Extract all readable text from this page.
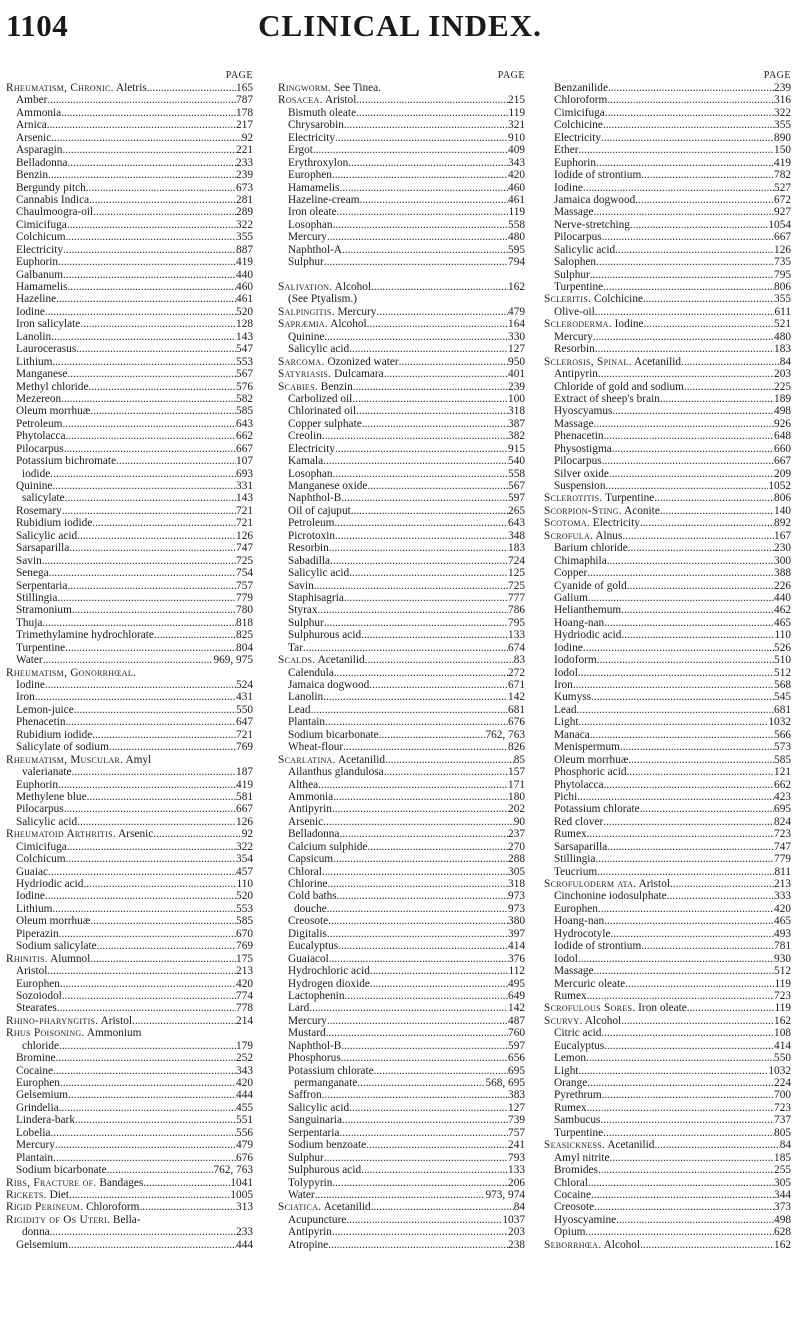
1104	CLINICAL INDEX.
PAGE
Rheumatism, Chronic. Aletris .....	165
Amber .....	787
Ammonia .....	178
Arnica .....	217
Arsenic .....	92
Asparagin .....	221
Belladonna .....	233
Benzin .....	239
Bergundy pitch .....	673
Cannabis Indica .....	281
Chaulmoogra-oil .....	289
Cimicifuga .....	322
Colchicum .....	355
Electricity .....	887
Euphorin .....	419
Galbanum .....	440
Hamamelis .....	460
Hazeline .....	461
Iodine .....	520
Iron salicylate .....	128
Lanolin .....	143
Laurocerasus .....	547
Lithium .....	553
Manganese .....	567
Methyl chloride .....	576
Mezereon .....	582
Oleum morrhuæ .....	585
Petroleum .....	643
Phytolacca .....	662
Pilocarpus .....	667
Potassium bichromate .....	107
iodide .....	693
Quinine .....	331
salicylate .....	143
Rosemary .....	721
Rubidium iodide .....	721
Salicylic acid .....	126
Sarsaparilla .....	747
Savin .....	725
Senega .....	754
Serpentaria .....	757
Stillingia .....	779
Stramonium .....	780
Thuja .....	818
Trimethylamine hydrochlorate .....	825
Turpentine .....	804
Water .....	969, 975
Rheumatism, Gonorrhœal.
Iodine .....	524
Iron .....	431
Lemon-juice .....	550
Phenacetin .....	647
Rubidium iodide .....	721
Salicylate of sodium .....	769
Rheumatism, Muscular. Amyl
valerianate .....	187
Euphorin .....	419
Methylene blue .....	581
Pilocarpus .....	667
Salicylic acid .....	126
Rheumatoid Arthritis. Arsenic .....	92
Cimicifuga .....	322
Colchicum .....	354
Guaiac .....	457
Hydriodic acid .....	110
Iodine .....	520
Lithium .....	553
Oleum morrhuæ .....	585
Piperazin .....	670
Sodium salicylate .....	769
Rhinitis. Alumnol .....	175
Aristol .....	213
Europhen .....	420
Sozoiodol .....	774
Stearates .....	778
Rhino-pharyngitis. Aristol .....	214
Rhus Poisoning. Ammonium
chloride .....	179
Bromine .....	252
Cocaine .....	343
Europhen .....	420
Gelsemium .....	444
Grindelia .....	455
Lindera-bark .....	551
Lobelia .....	556
Mercury .....	479
Plantain .....	676
Sodium bicarbonate .....	762, 763
Ribs, Fracture of. Bandages .....	1041
Rickets. Diet .....	1005
Rigid Perineum. Chloroform .....	313
Rigidity of Os Uteri. Bella-
donna .....	233
Gelsemium .....	444
PAGE
Ringworm. See Tinea.
Rosacea. Aristol .....	215
Bismuth oleate .....	119
Chrysarobin .....	321
Electricity .....	910
Ergot .....	409
Erythroxylon .....	343
Europhen .....	420
Hamamelis .....	460
Hazeline-cream .....	461
Iron oleate .....	119
Losophan .....	558
Mercury .....	480
Naphthol-A .....	595
Sulphur .....	794
Salivation. Alcohol .....	162
(See Ptyalism.)
Salpingitis. Mercury .....	479
Sapræmia. Alcohol .....	164
Quinine .....	330
Salicylic acid .....	127
Sarcoma. Ozonized water .....	950
Satyriasis. Dulcamara .....	401
Scabies. Benzin .....	239
Carbolized oil .....	100
Chlorinated oil .....	318
Copper sulphate .....	387
Creolin .....	382
Electricity .....	915
Kamala .....	540
Losophan .....	558
Manganese oxide .....	567
Naphthol-B .....	597
Oil of cajuput .....	265
Petroleum .....	643
Picrotoxin .....	348
Resorbin .....	183
Sabadilla .....	724
Salicylic acid .....	125
Savin .....	725
Staphisagria .....	777
Styrax .....	786
Sulphur .....	795
Sulphurous acid .....	133
Tar .....	674
Scalds. Acetanilid .....	83
Calendula .....	272
Jamaica dogwood .....	671
Lanolin .....	142
Lead .....	681
Plantain .....	676
Sodium bicarbonate .....	762, 763
Wheat-flour .....	826
Scarlatina. Acetanilid .....	85
Ailanthus glandulosa .....	157
Althea .....	171
Ammonia .....	180
Antipyrin .....	202
Arsenic .....	90
Belladonna .....	237
Calcium sulphide .....	270
Capsicum .....	288
Chloral .....	305
Chlorine .....	318
Cold baths .....	973
douche .....	973
Creosote .....	380
Digitalis .....	397
Eucalyptus .....	414
Guaiacol .....	376
Hydrochloric acid .....	112
Hydrogen dioxide .....	495
Lactophenin .....	649
Lard .....	142
Mercury .....	487
Mustard .....	760
Naphthol-B .....	597
Phosphorus .....	656
Potassium chlorate .....	695
permanganate .....	568, 695
Saffron .....	383
Salicylic acid .....	127
Sanguinaria .....	739
Serpentaria .....	757
Sodium benzoate .....	241
Sulphur .....	793
Sulphurous acid .....	133
Tolypyrin .....	206
Water .....	973, 974
Sciatica. Acetanilid .....	84
Acupuncture .....	1037
Antipyrin .....	203
Atropine .....	238
PAGE
Benzanilide .....	239
Chloroform .....	316
Cimicifuga .....	322
Colchicine .....	355
Electricity .....	890
Ether .....	150
Euphorin .....	419
Iodide of strontium .....	782
Iodine .....	527
Jamaica dogwood .....	672
Massage .....	927
Nerve-stretching .....	1054
Pilocarpus .....	667
Salicylic acid .....	126
Salophen .....	735
Sulphur .....	795
Turpentine .....	806
Scleritis. Colchicine .....	355
Olive-oil .....	611
Scleroderma. Iodine .....	521
Mercury .....	480
Resorbin .....	183
Sclerosis, Spinal. Acetanilid .....	84
Antipyrin .....	203
Chloride of gold and sodium .....	225
Extract of sheep's brain .....	189
Hyoscyamus .....	498
Massage .....	926
Phenacetin .....	648
Physostigma .....	660
Pilocarpus .....	667
Silver oxide .....	209
Suspension .....	1052
Sclerotitis. Turpentine .....	806
Scorpion-Sting. Aconite .....	140
Scotoma. Electricity .....	892
Scrofula. Alnus .....	167
Barium chloride .....	230
Chimaphila .....	300
Copper .....	388
Cyanide of gold .....	226
Galium .....	440
Helianthemum .....	462
Hoang-nan .....	465
Hydriodic acid .....	110
Iodine .....	526
Iodoform .....	510
Iodol .....	512
Iron .....	568
Kumyss .....	545
Lead .....	681
Light .....	1032
Manaca .....	566
Menispermum .....	573
Oleum morrhuæ .....	585
Phosphoric acid .....	121
Phytolacca .....	662
Pichi .....	423
Potassium chlorate .....	695
Red clover .....	824
Rumex .....	723
Sarsaparilla .....	747
Stillingia .....	779
Teucrium .....	811
Scrofuloderm ata. Aristol .....	213
Cinchonine iodosulphate .....	333
Europhen .....	420
Hoang-nan .....	465
Hydrocotyle .....	493
Iodide of strontium .....	781
Iodol .....	930
Massage .....	512
Mercuric oleate .....	119
Rumex .....	723
Scrofulous Sores. Iron oleate .....	119
Scurvy. Alcohol .....	162
Citric acid .....	108
Eucalyptus .....	414
Lemon .....	550
Light .....	1032
Orange .....	224
Pyrethrum .....	700
Rumex .....	723
Sambucus .....	737
Turpentine .....	805
Seasickness. Acetanilid .....	84
Amyl nitrite .....	185
Bromides .....	255
Chloral .....	305
Cocaine .....	344
Creosote .....	373
Hyoscyamine .....	498
Opium .....	628
Seborrhœa. Alcohol .....	162
